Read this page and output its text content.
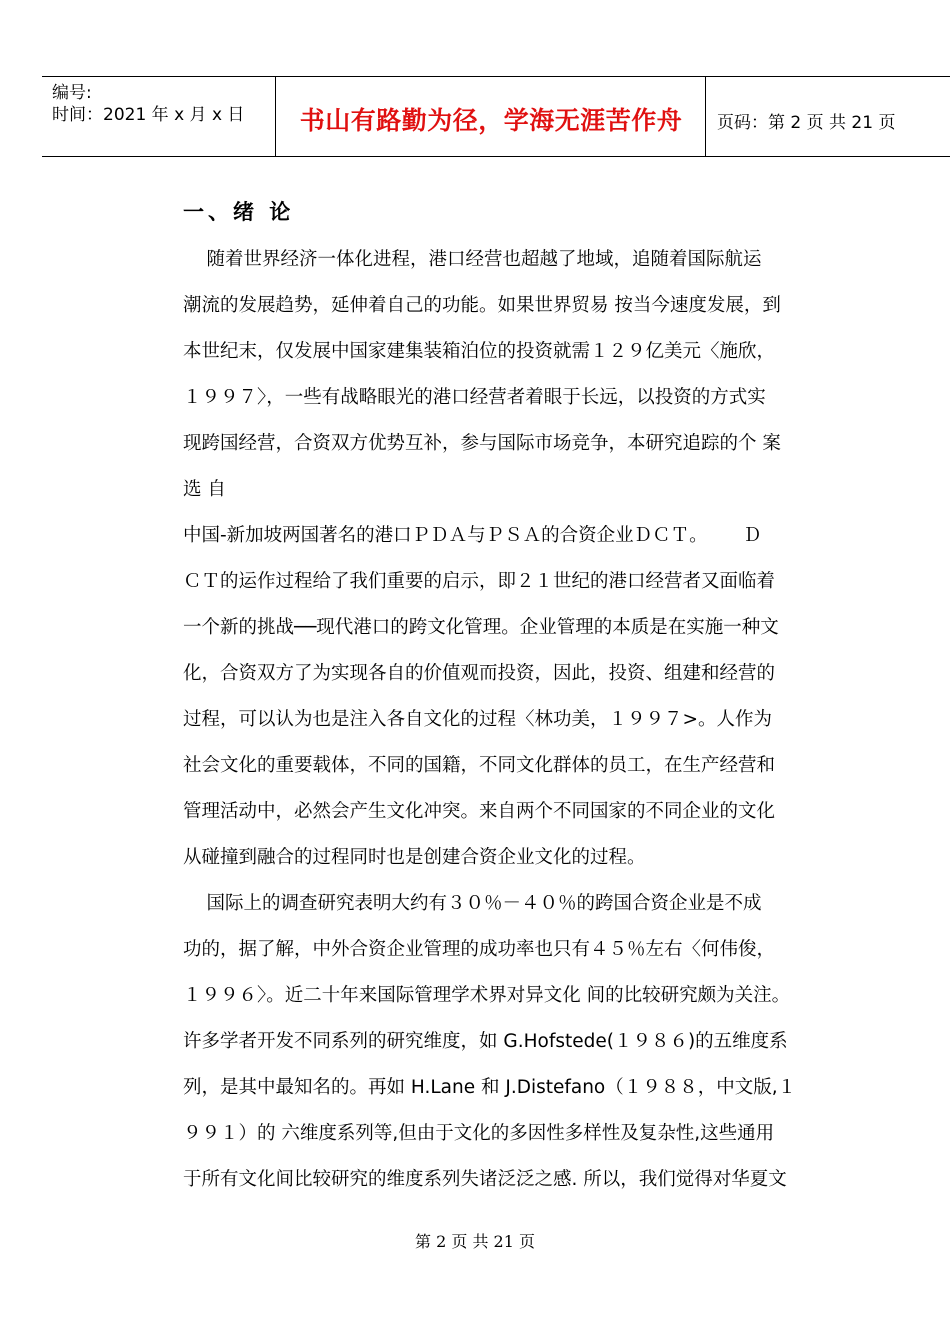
编号:
时间：2021 年 x 月 x 日	书山有路勤为径，学海无涯苦作舟	页码：第 2 页 共 21 页
一、绪 论
随着世界经济一体化进程，港口经营也超越了地域，追随着国际航运
潮流的发展趋势，延伸着自己的功能。如果世界贸易 按当今速度发展，到
本世纪末，仅发展中国家建集装箱泊位的投资就需１２９亿美元〈施欣，
１９９７〉，一些有战略眼光的港口经营者着眼于长远，以投资的方式实
现跨国经营，合资双方优势互补，参与国际市场竞争，本研究追踪的个 案
选 自
中国-新加坡两国著名的港口ＰＤＡ与ＰＳＡ的合资企业ＤＣＴ。      Ｄ
ＣＴ的运作过程给了我们重要的启示，即２１世纪的港口经营者又面临着
一个新的挑战──现代港口的跨文化管理。企业管理的本质是在实施一种文
化，合资双方了为实现各自的价值观而投资，因此，投资、组建和经营的
过程，可以认为也是注入各自文化的过程〈林功美，１９９７>。人作为
社会文化的重要载体，不同的国籍，不同文化群体的员工，在生产经营和
管理活动中，必然会产生文化冲突。来自两个不同国家的不同企业的文化
从碰撞到融合的过程同时也是创建合资企业文化的过程。
国际上的调查研究表明大约有３０％－４０％的跨国合资企业是不成
功的，据了解，中外合资企业管理的成功率也只有４５％左右〈何伟俊，
１９９６〉。近二十年来国际管理学术界对异文化 间的比较研究颇为关注。
许多学者开发不同系列的研究维度，如 G.Hofstede(１９８６)的五维度系
列，是其中最知名的。再如 H.Lane 和 J.Distefano（１９８８，中文版,１
９９１）的 六维度系列等,但由于文化的多因性多样性及复杂性,这些通用
于所有文化间比较研究的维度系列失诸泛泛之感. 所以，我们觉得对华夏文
第 2 页 共 21 页
